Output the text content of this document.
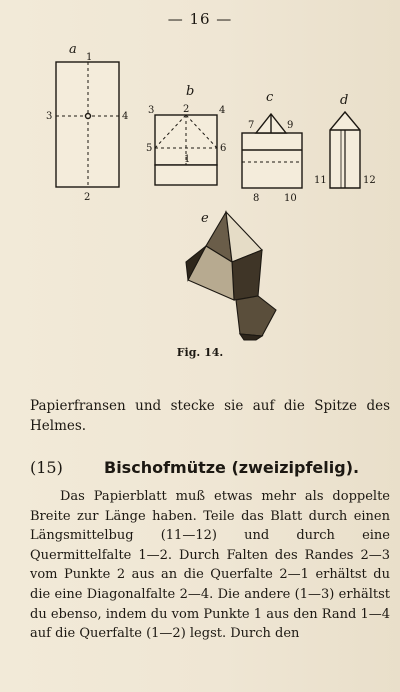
— 16 —
a
1
3	4
2
b
3	2	4
5	6
1
c
7	9
8 10
d
11	12
e
Fig. 14.
Papierfransen und stecke sie auf die Spitze des Helmes.
(15)	Bischofmütze (zweizipfelig).

Das Papierblatt muß etwas mehr als doppelte Breite zur Länge haben. Teile das Blatt durch einen Längsmittelbug (11—12) und durch eine Quermittelfalte 1—2. Durch Falten des Randes 2—3 vom Punkte 2 aus an die Querfalte 2—1 erhältst du die eine Diagonalfalte 2—4. Die andere (1—3) erhältst du ebenso, indem du vom Punkte 1 aus den Rand 1—4 auf die Querfalte (1—2) legst. Durch den
